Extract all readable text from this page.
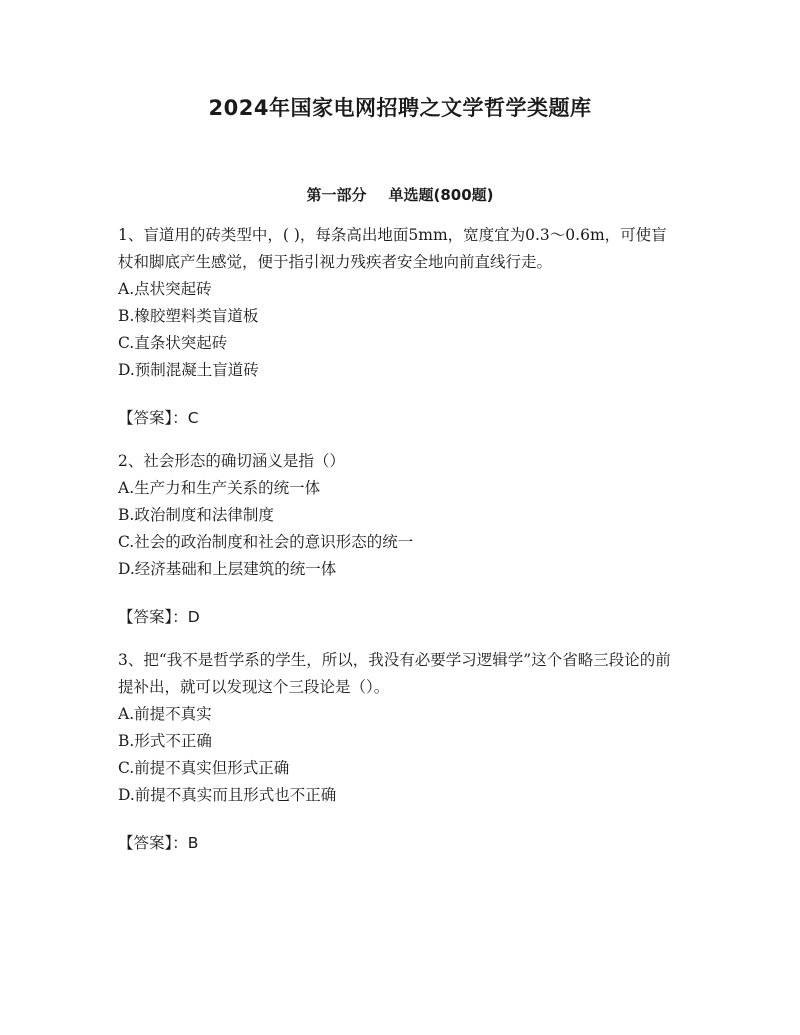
2024年国家电网招聘之文学哲学类题库
第一部分 单选题(800题)

1、盲道用的砖类型中，( )，每条高出地面5mm，宽度宜为0.3～0.6m，可使盲杖和脚底产生感觉，便于指引视力残疾者安全地向前直线行走。

A.点状突起砖

B.橡胶塑料类盲道板

C.直条状突起砖

D.预制混凝土盲道砖

【答案】：C

2、社会形态的确切涵义是指（）

A.生产力和生产关系的统一体

B.政治制度和法律制度

C.社会的政治制度和社会的意识形态的统一

D.经济基础和上层建筑的统一体

【答案】：D

3、把“我不是哲学系的学生，所以，我没有必要学习逻辑学”这个省略三段论的前提补出，就可以发现这个三段论是（）。

A.前提不真实

B.形式不正确

C.前提不真实但形式正确

D.前提不真实而且形式也不正确

【答案】：B
